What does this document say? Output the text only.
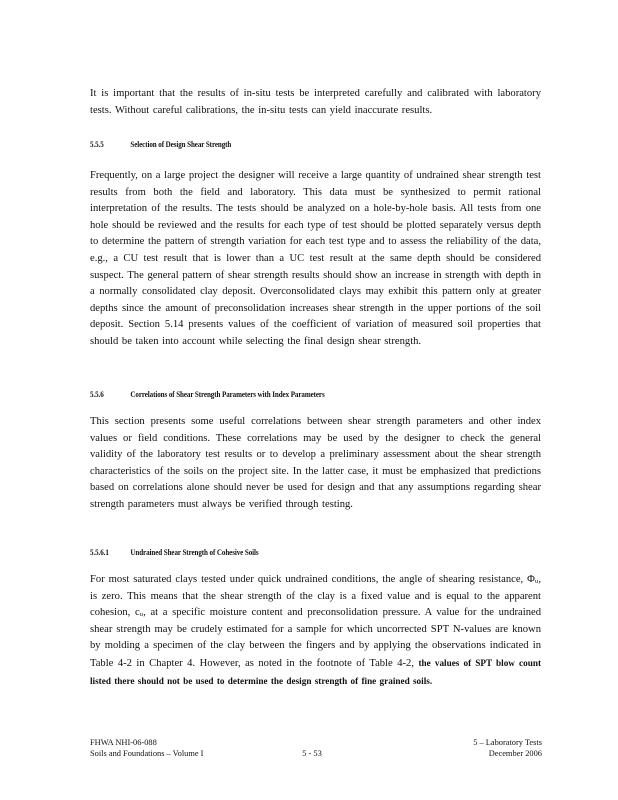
It is important that the results of in-situ tests be interpreted carefully and calibrated with laboratory tests. Without careful calibrations, the in-situ tests can yield inaccurate results.

5.5.5	Selection of Design Shear Strength

Frequently, on a large project the designer will receive a large quantity of undrained shear strength test results from both the field and laboratory. This data must be synthesized to permit rational interpretation of the results. The tests should be analyzed on a hole-by-hole basis. All tests from one hole should be reviewed and the results for each type of test should be plotted separately versus depth to determine the pattern of strength variation for each test type and to assess the reliability of the data, e.g., a CU test result that is lower than a UC test result at the same depth should be considered suspect. The general pattern of shear strength results should show an increase in strength with depth in a normally consolidated clay deposit. Overconsolidated clays may exhibit this pattern only at greater depths since the amount of preconsolidation increases shear strength in the upper portions of the soil deposit. Section 5.14 presents values of the coefficient of variation of measured soil properties that should be taken into account while selecting the final design shear strength.

5.5.6	Correlations of Shear Strength Parameters with Index Parameters

This section presents some useful correlations between shear strength parameters and other index values or field conditions. These correlations may be used by the designer to check the general validity of the laboratory test results or to develop a preliminary assessment about the shear strength characteristics of the soils on the project site. In the latter case, it must be emphasized that predictions based on correlations alone should never be used for design and that any assumptions regarding shear strength parameters must always be verified through testing.

5.5.6.1	Undrained Shear Strength of Cohesive Soils

For most saturated clays tested under quick undrained conditions, the angle of shearing resistance, Φᵤ, is zero. This means that the shear strength of the clay is a fixed value and is equal to the apparent cohesion, cᵤ, at a specific moisture content and preconsolidation pressure. A value for the undrained shear strength may be crudely estimated for a sample for which uncorrected SPT N-values are known by molding a specimen of the clay between the fingers and by applying the observations indicated in Table 4-2 in Chapter 4. However, as noted in the footnote of Table 4-2, the values of SPT blow count listed there should not be used to determine the design strength of fine grained soils.

FHWA NHI-06-088
Soils and Foundations – Volume I	5 - 53
5 – Laboratory Tests
December 2006
